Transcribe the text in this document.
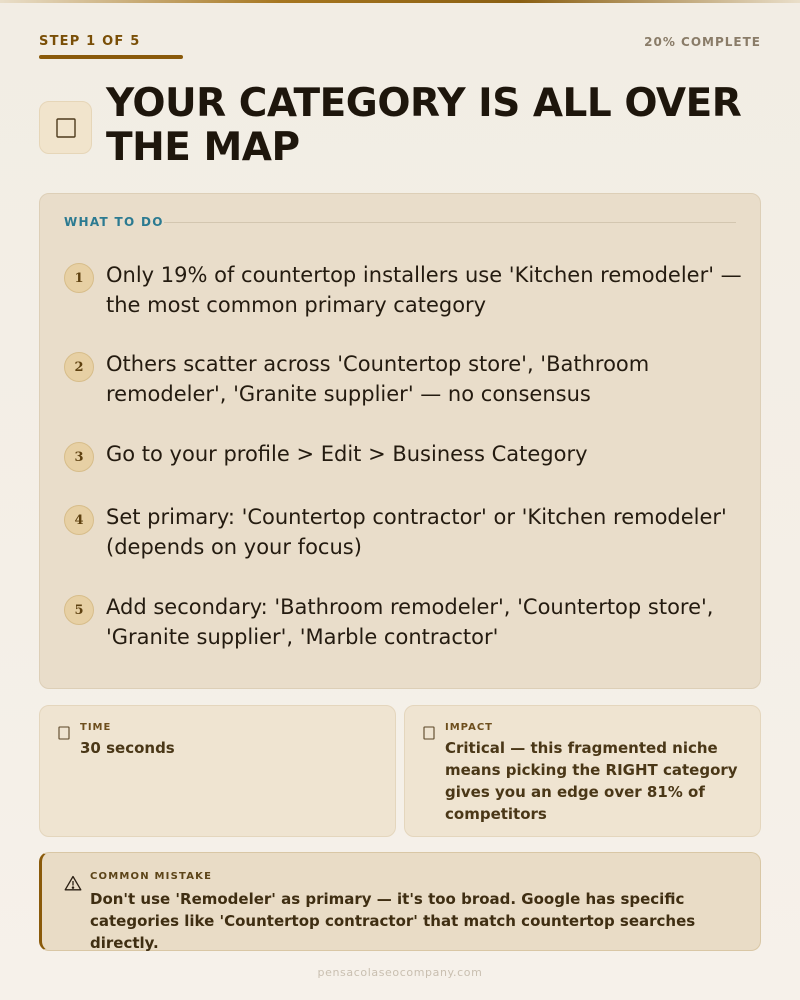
STEP 1 OF 5	20% COMPLETE
YOUR CATEGORY IS ALL OVER THE MAP
WHAT TO DO
1	Only 19% of countertop installers use 'Kitchen remodeler' — the most common primary category
2	Others scatter across 'Countertop store', 'Bathroom remodeler', 'Granite supplier' — no consensus
3	Go to your profile > Edit > Business Category
4	Set primary: 'Countertop contractor' or 'Kitchen remodeler' (depends on your focus)
5	Add secondary: 'Bathroom remodeler', 'Countertop store', 'Granite supplier', 'Marble contractor'
TIME
30 seconds
IMPACT
Critical — this fragmented niche means picking the RIGHT category gives you an edge over 81% of competitors
COMMON MISTAKE
Don't use 'Remodeler' as primary — it's too broad. Google has specific categories like 'Countertop contractor' that match countertop searches directly.
pensacolaseocompany.com
